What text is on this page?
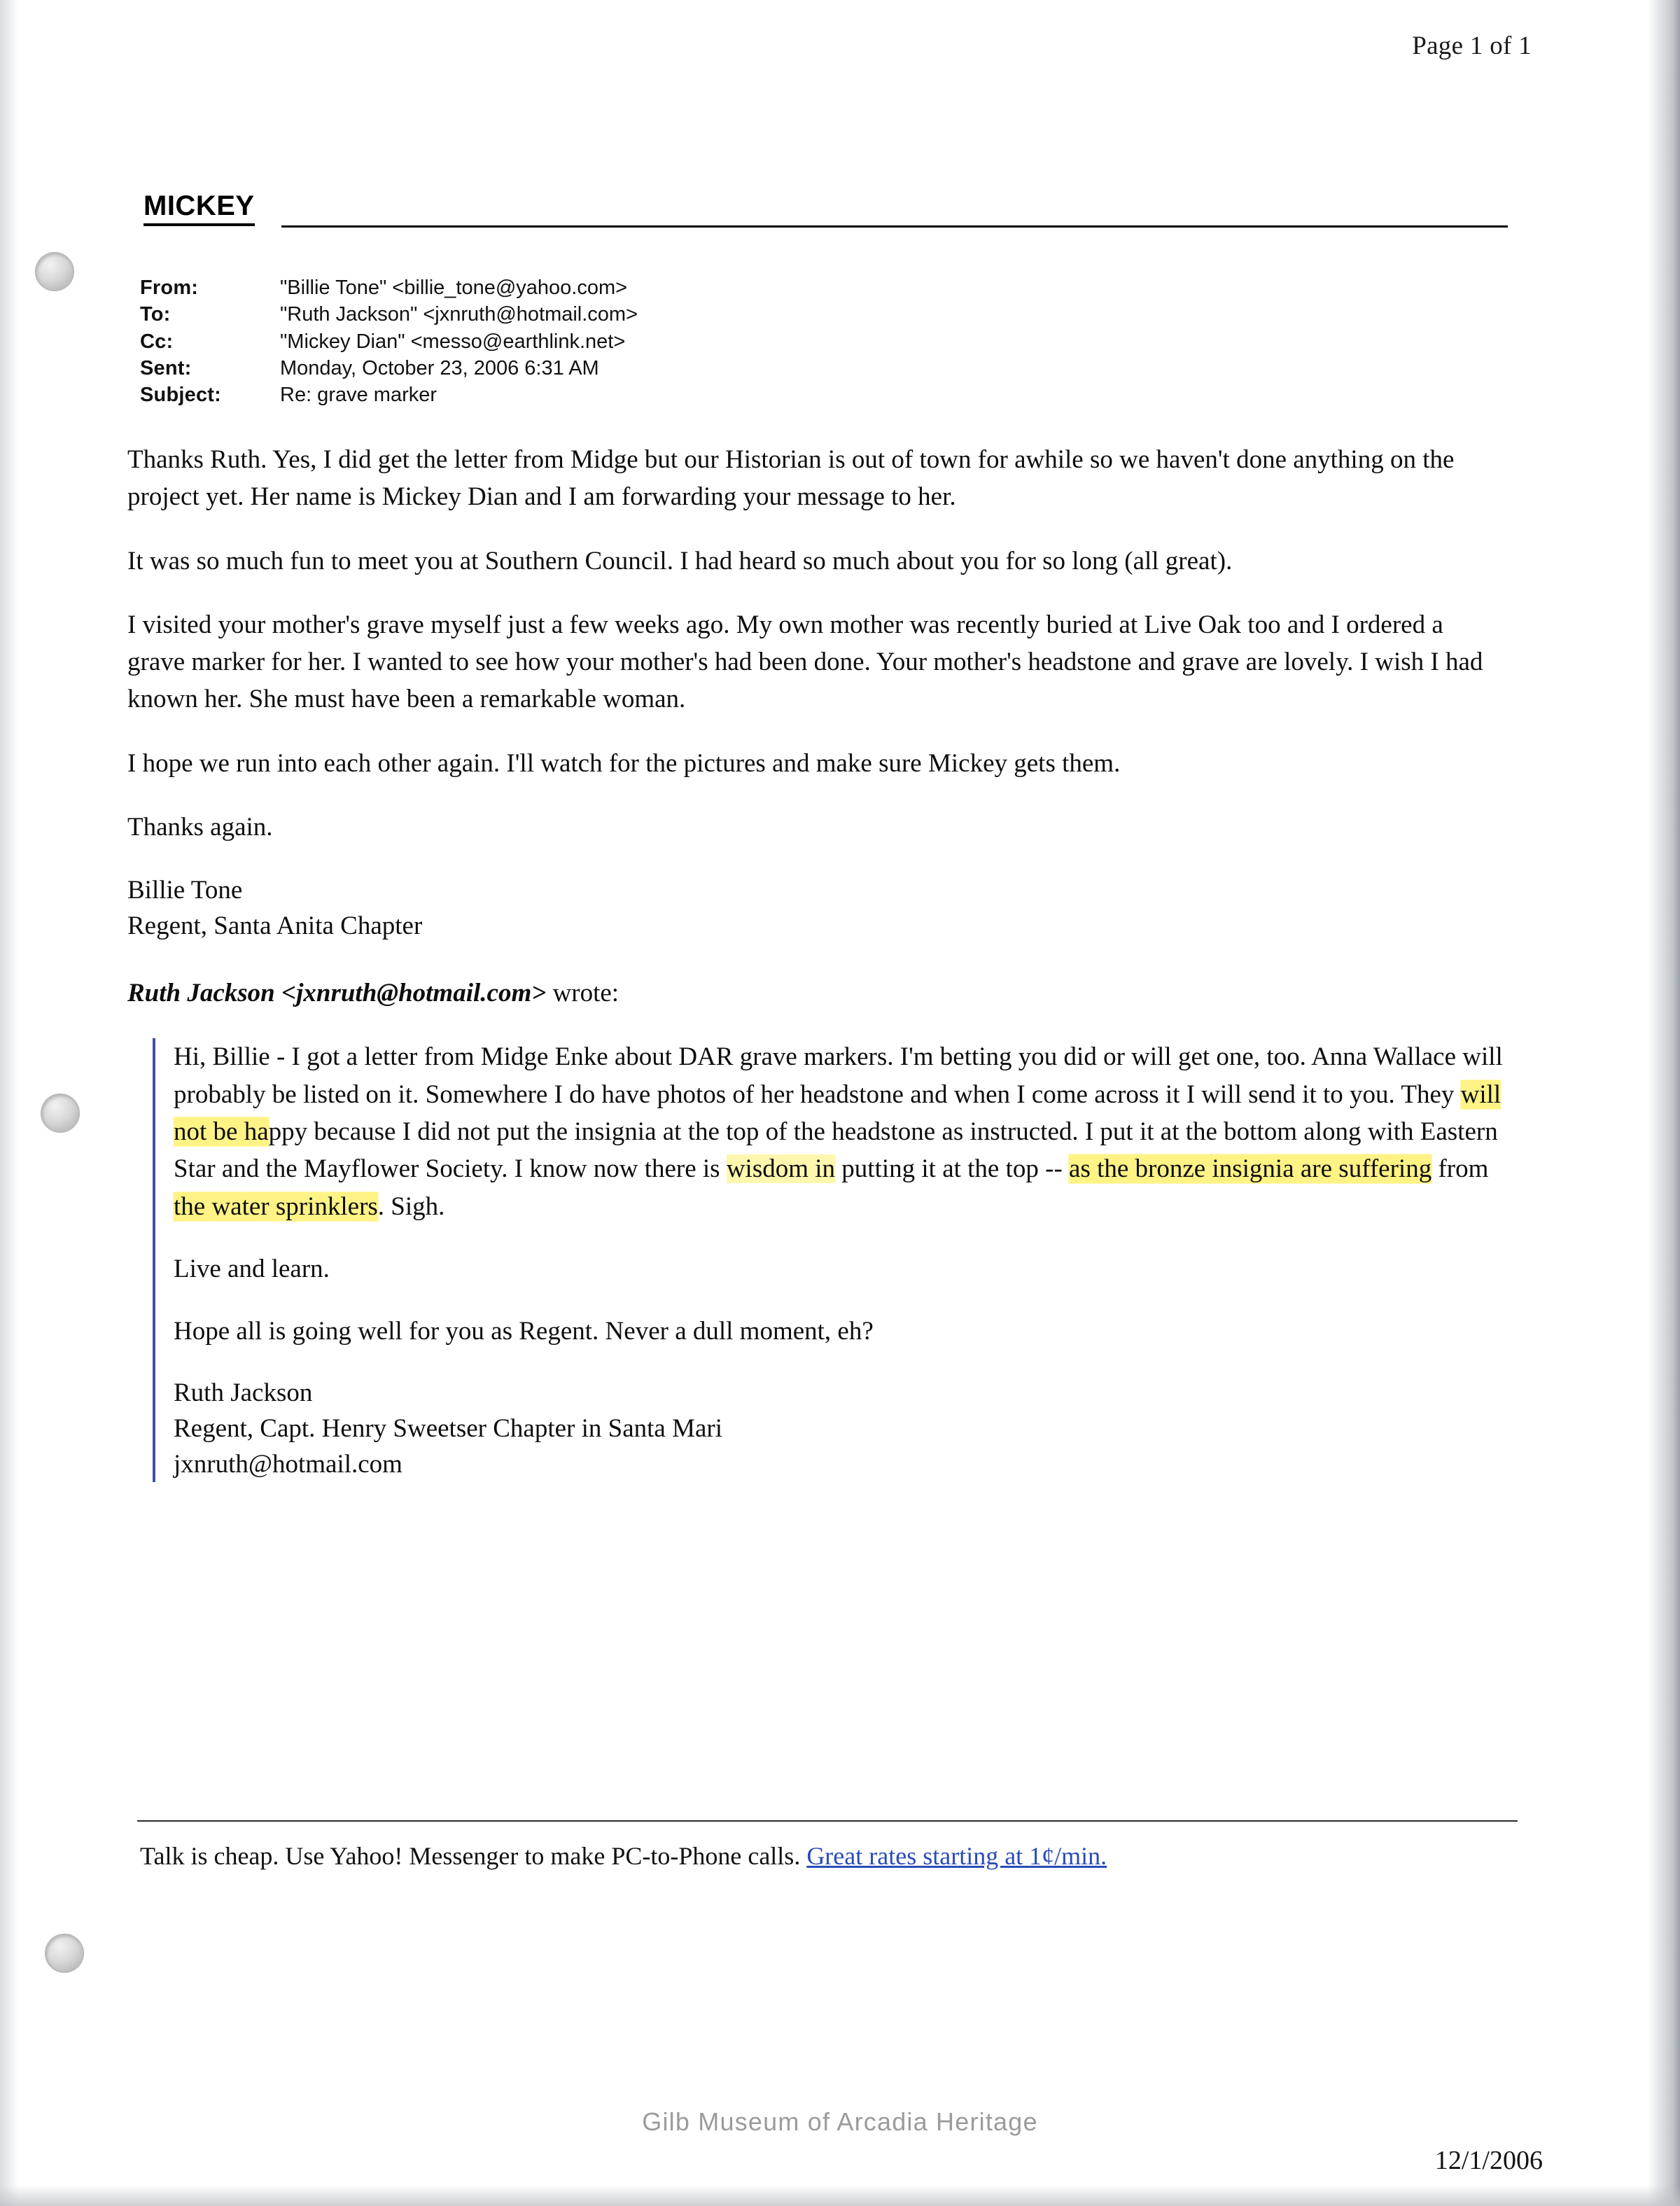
Page 1 of 1
MICKEY
From:	"Billie Tone" <billie_tone@yahoo.com>
To:	"Ruth Jackson" <jxnruth@hotmail.com>
Cc:	"Mickey Dian" <messo@earthlink.net>
Sent:	Monday, October 23, 2006 6:31 AM
Subject:	Re: grave marker

Thanks Ruth. Yes, I did get the letter from Midge but our Historian is out of town for awhile so we haven't done anything on the project yet. Her name is Mickey Dian and I am forwarding your message to her.

It was so much fun to meet you at Southern Council. I had heard so much about you for so long (all great).

I visited your mother's grave myself just a few weeks ago. My own mother was recently buried at Live Oak too and I ordered a grave marker for her. I wanted to see how your mother's had been done. Your mother's headstone and grave are lovely. I wish I had known her. She must have been a remarkable woman.

I hope we run into each other again. I'll watch for the pictures and make sure Mickey gets them.

Thanks again.

Billie Tone
Regent, Santa Anita Chapter

Ruth Jackson <jxnruth@hotmail.com> wrote:

Hi, Billie - I got a letter from Midge Enke about DAR grave markers. I'm betting you did or will get one, too. Anna Wallace will probably be listed on it. Somewhere I do have photos of her headstone and when I come across it I will send it to you. They will not be happy because I did not put the insignia at the top of the headstone as instructed. I put it at the bottom along with Eastern Star and the Mayflower Society. I know now there is wisdom in putting it at the top -- as the bronze insignia are suffering from the water sprinklers. Sigh.

Live and learn.

Hope all is going well for you as Regent. Never a dull moment, eh?

Ruth Jackson
Regent, Capt. Henry Sweetser Chapter in Santa Mari
jxnruth@hotmail.com
Talk is cheap. Use Yahoo! Messenger to make PC-to-Phone calls. Great rates starting at 1¢/min.
Gilb Museum of Arcadia Heritage
12/1/2006
